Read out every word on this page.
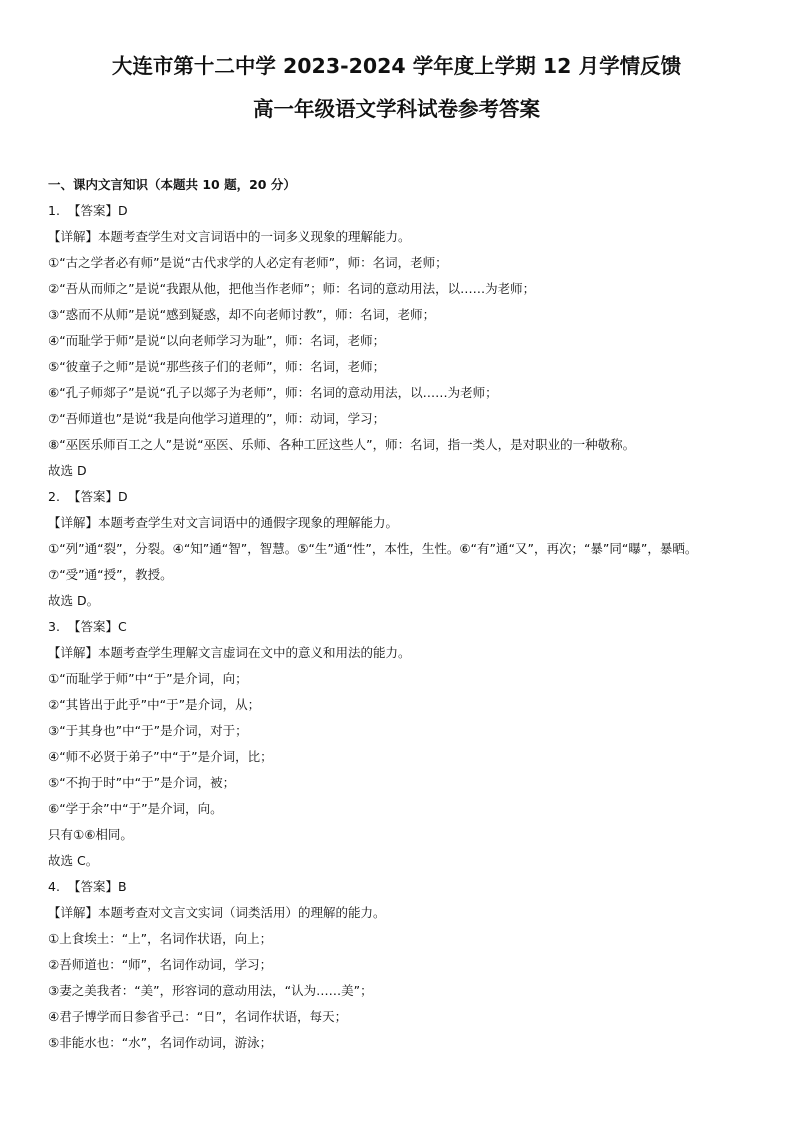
大连市第十二中学 2023-2024 学年度上学期 12 月学情反馈
高一年级语文学科试卷参考答案
一、课内文言知识（本题共 10 题，20 分）
1. 【答案】D
【详解】本题考查学生对文言词语中的一词多义现象的理解能力。
①“古之学者必有师”是说“古代求学的人必定有老师”，师：名词，老师；
②“吾从而师之”是说“我跟从他，把他当作老师”；师：名词的意动用法，以……为老师；
③“惑而不从师”是说“感到疑惑，却不向老师讨教”，师：名词，老师；
④“而耻学于师”是说“以向老师学习为耻”，师：名词，老师；
⑤“彼童子之师”是说“那些孩子们的老师”，师：名词，老师；
⑥“孔子师郯子”是说“孔子以郯子为老师”，师：名词的意动用法，以……为老师；
⑦“吾师道也”是说“我是向他学习道理的”，师：动词，学习；
⑧“巫医乐师百工之人”是说“巫医、乐师、各种工匠这些人”，师：名词，指一类人，是对职业的一种敬称。
故选 D
2. 【答案】D
【详解】本题考查学生对文言词语中的通假字现象的理解能力。
①“列”通“裂”，分裂。④“知”通“智”，智慧。⑤“生”通“性”，本性，生性。⑥“有”通“又”，再次；“暴”同“曝”，暴晒。
⑦“受”通“授”，教授。
故选 D。
3. 【答案】C
【详解】本题考查学生理解文言虚词在文中的意义和用法的能力。
①“而耻学于师”中“于”是介词，向；
②“其皆出于此乎”中“于”是介词，从；
③“于其身也”中“于”是介词，对于；
④“师不必贤于弟子”中“于”是介词，比；
⑤“不拘于时”中“于”是介词，被；
⑥“学于余”中“于”是介词，向。
只有①⑥相同。
故选 C。
4. 【答案】B
【详解】本题考查对文言文实词（词类活用）的理解的能力。
①上食埃土：“上”，名词作状语，向上；
②吾师道也：“师”，名词作动词，学习；
③妻之美我者：“美”，形容词的意动用法，“认为……美”；
④君子博学而日参省乎己：“日”，名词作状语，每天；
⑤非能水也：“水”，名词作动词，游泳；
